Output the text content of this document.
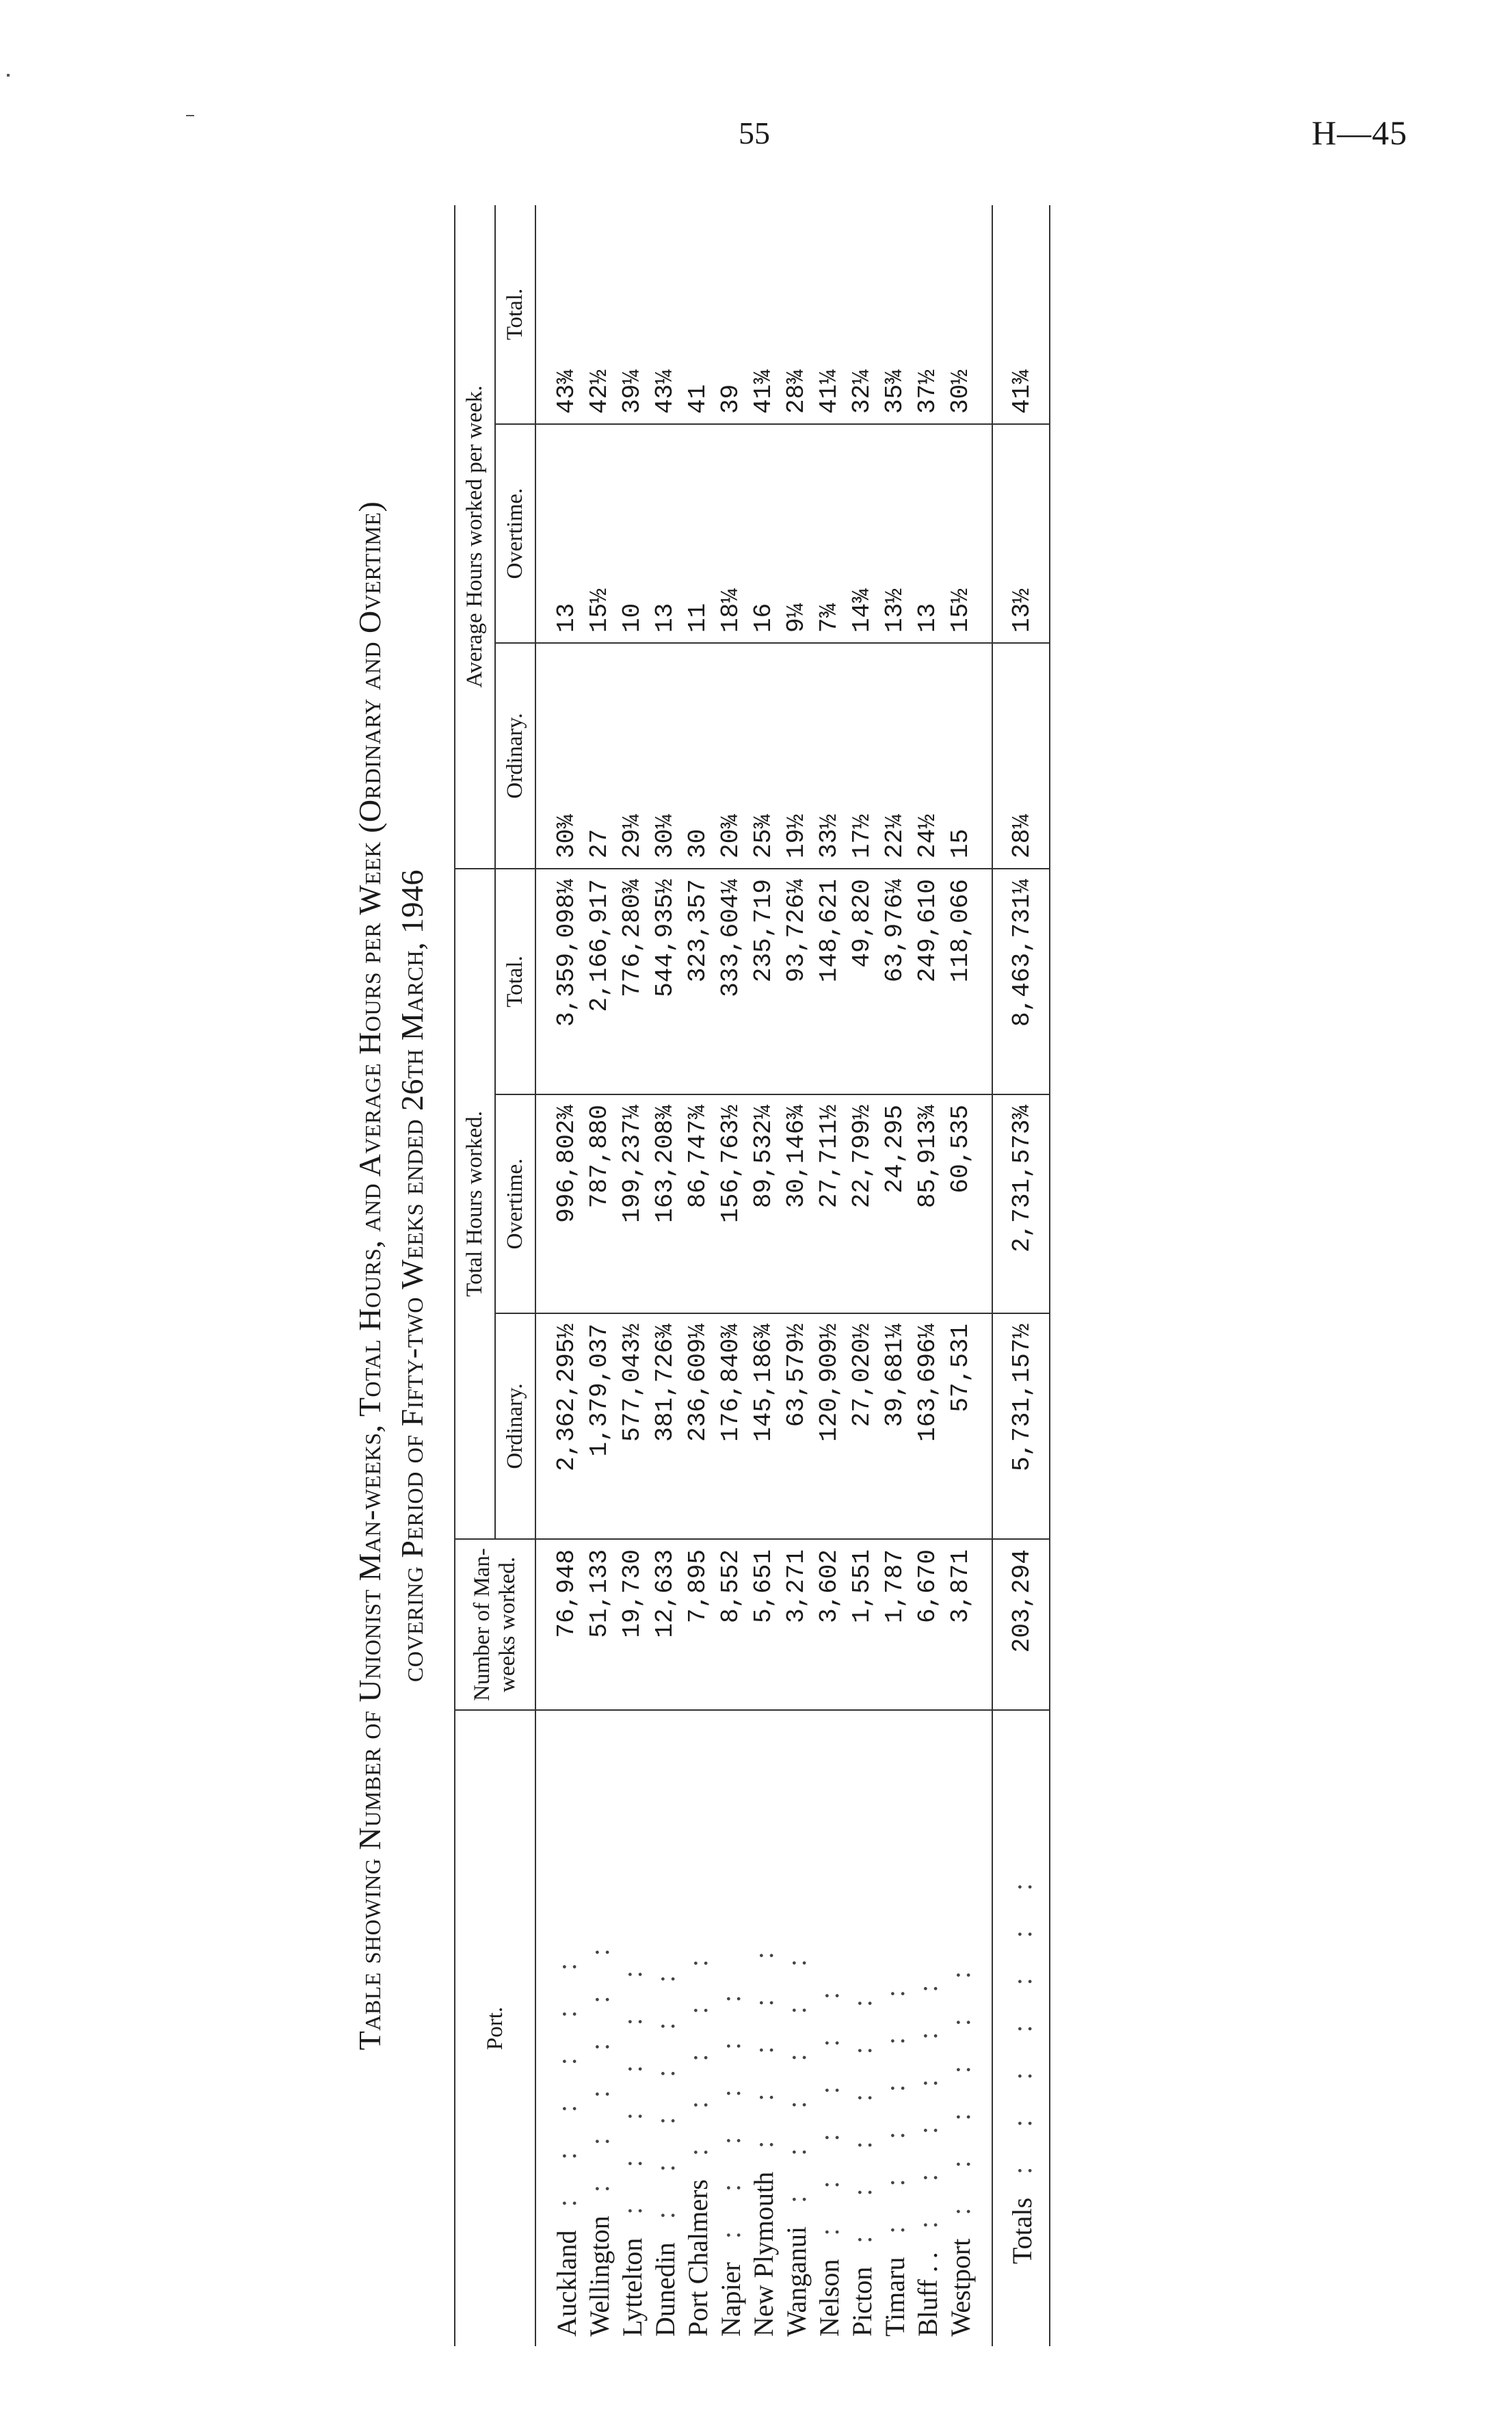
55	H—45
Table showing Number of Unionist Man-weeks, Total Hours, and Average Hours per Week (Ordinary and Overtime) covering Period of Fifty-two Weeks ended 26th March, 1946
Port.	Number of Man-weeks worked.	Total Hours worked.			Average Hours worked per week.		
		Ordinary.	Overtime.	Total.	Ordinary.	Overtime.	Total.
Auckland : : : : : :	76,948	2,362,295½	996,802¾	3,359,098¼	30¾	13	43¾
Wellington : : : : : :	51,133	1,379,037	787,880	2,166,917	27	15½	42½
Lyttelton : : : : : :	19,730	577,043½	199,237¼	776,280¾	29¼	10	39¼
Dunedin : : : : : :	12,633	381,726¾	163,208¾	544,935½	30¼	13	43¼
Port Chalmers : : : : :	7,895	236,609¼	86,747¾	323,357	30	11	41
Napier : : : : : :	8,552	176,840¾	156,763½	333,604¼	20¾	18¼	39
New Plymouth : : : : :	5,651	145,186¾	89,532¼	235,719	25¾	16	41¾
Wanganui : : : : : :	3,271	63,579½	30,146¾	93,726¼	19½	9¼	28¾
Nelson : : : : : :	3,602	120,909½	27,711½	148,621	33½	7¾	41¼
Picton : : : : : :	1,551	27,020½	22,799½	49,820	17½	14¾	32¼
Timaru : : : : : :	1,787	39,681¼	24,295	63,976¼	22¼	13½	35¾
Bluff . . : : : : : :	6,670	163,696¼	85,913¾	249,610	24½	13	37½
Westport : : : : : :	3,871	57,531	60,535	118,066	15	15½	30½
Totals : : : : : : :	203,294	5,731,157½	2,731,573¾	8,463,731¼	28¼	13½	41¾
